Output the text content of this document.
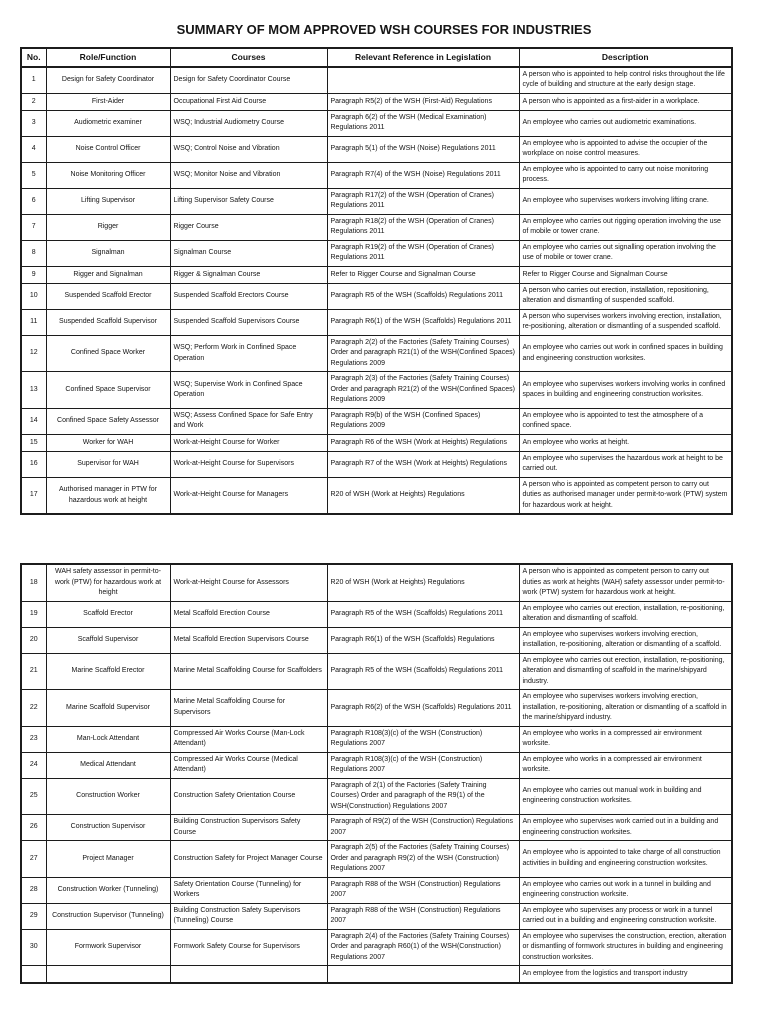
SUMMARY OF MOM APPROVED WSH COURSES FOR INDUSTRIES
No.	Role/Function	Courses	Relevant Reference in Legislation	Description
1	Design for Safety Coordinator	Design for Safety Coordinator Course		A person who is appointed to help control risks throughout the life cycle of building and structure at the early design stage.
2	First-Aider	Occupational First Aid Course	Paragraph R5(2) of the WSH (First-Aid) Regulations	A person who is appointed as a first-aider in a workplace.
3	Audiometric examiner	WSQ; Industrial Audiometry Course	Paragraph 6(2) of the WSH (Medical Examination) Regulations 2011	An employee who carries out audiometric examinations.
4	Noise Control Officer	WSQ; Control Noise and Vibration	Paragraph 5(1) of the WSH (Noise) Regulations 2011	An employee who is appointed to advise the occupier of the workplace on noise control measures.
5	Noise Monitoring Officer	WSQ; Monitor Noise and Vibration	Paragraph R7(4) of the WSH (Noise) Regulations 2011	An employee who is appointed to carry out noise monitoring process.
6	Lifting Supervisor	Lifting Supervisor Safety Course	Paragraph R17(2) of the WSH (Operation of Cranes) Regulations 2011	An employee who supervises workers involving lifting crane.
7	Rigger	Rigger Course	Paragraph R18(2) of the WSH (Operation of Cranes) Regulations 2011	An employee who carries out rigging operation involving the use of mobile or tower crane.
8	Signalman	Signalman Course	Paragraph R19(2) of the WSH (Operation of Cranes) Regulations 2011	An employee who carries out signalling operation involving the use of mobile or tower crane.
9	Rigger and Signalman	Rigger & Signalman Course	Refer to Rigger Course and Signalman Course	Refer to Rigger Course and Signalman Course
10	Suspended Scaffold Erector	Suspended Scaffold Erectors Course	Paragraph R5 of the WSH (Scaffolds) Regulations 2011	A person who carries out erection, installation, repositioning, alteration and dismantling of suspended scaffold.
11	Suspended Scaffold Supervisor	Suspended Scaffold Supervisors Course	Paragraph R6(1) of the WSH (Scaffolds) Regulations 2011	A person who supervises workers involving erection, installation, re-positioning, alteration or dismantling of a suspended scaffold.
12	Confined Space Worker	WSQ; Perform Work in Confined Space Operation	Paragraph 2(2) of the Factories (Safety Training Courses) Order and paragraph R21(1) of the WSH(Confined Spaces) Regulations 2009	An employee who carries out work in confined spaces in building and engineering construction worksites.
13	Confined Space Supervisor	WSQ; Supervise Work in Confined Space Operation	Paragraph 2(3) of the Factories (Safety Training Courses) Order and paragraph R21(2) of the WSH(Confined Spaces) Regulations 2009	An employee who supervises workers involving works in confined spaces in building and engineering construction worksites.
14	Confined Space Safety Assessor	WSQ; Assess Confined Space for Safe Entry and Work	Paragraph R9(b) of the WSH (Confined Spaces) Regulations 2009	An employee who is appointed to test the atmosphere of a confined space.
15	Worker for WAH	Work-at-Height Course for Worker	Paragraph R6 of the WSH (Work at Heights) Regulations	An employee who works at height.
16	Supervisor for WAH	Work-at-Height Course for Supervisors	Paragraph R7 of the WSH (Work at Heights) Regulations	An employee who supervises the hazardous work at height to be carried out.
17	Authorised manager in PTW for hazardous work at height	Work-at-Height Course for Managers	R20 of WSH (Work at Heights) Regulations	A person who is appointed as competent person to carry out duties as authorised manager under permit-to-work (PTW) system for hazardous work at height.
18	WAH safety assessor in permit-to-work (PTW) for hazardous work at height	Work-at-Height Course for Assessors	R20 of WSH (Work at Heights) Regulations	A person who is appointed as competent person to carry out duties as work at heights (WAH) safety assessor under permit-to-work (PTW) system for hazardous work at height.
19	Scaffold Erector	Metal Scaffold Erection Course	Paragraph R5 of the WSH (Scaffolds) Regulations 2011	An employee who carries out erection, installation, re-positioning, alteration and dismantling of scaffold.
20	Scaffold Supervisor	Metal Scaffold Erection Supervisors Course	Paragraph R6(1) of the WSH (Scaffolds) Regulations	An employee who supervises workers involving erection, installation, re-positioning, alteration or dismantling of a scaffold.
21	Marine Scaffold Erector	Marine Metal Scaffolding Course for Scaffolders	Paragraph R5 of the WSH (Scaffolds) Regulations 2011	An employee who carries out erection, installation, re-positioning, alteration and dismantling of scaffold in the marine/shipyard industry.
22	Marine Scaffold Supervisor	Marine Metal Scaffolding Course for Supervisors	Paragraph R6(2) of the WSH (Scaffolds) Regulations 2011	An employee who supervises workers involving erection, installation, re-positioning, alteration or dismantling of a scaffold in the marine/shipyard industry.
23	Man-Lock Attendant	Compressed Air Works Course (Man-Lock Attendant)	Paragraph R108(3)(c) of the WSH (Construction) Regulations 2007	An employee who works in a compressed air environment worksite.
24	Medical Attendant	Compressed Air Works Course (Medical Attendant)	Paragraph R108(3)(c) of the WSH (Construction) Regulations 2007	An employee who works in a compressed air environment worksite.
25	Construction Worker	Construction Safety Orientation Course	Paragraph of 2(1) of the Factories (Safety Training Courses) Order and paragraph of the R9(1) of the WSH(Construction) Regulations 2007	An employee who carries out manual work in building and engineering construction worksites.
26	Construction Supervisor	Building Construction Supervisors Safety Course	Paragraph of R9(2) of the WSH (Construction) Regulations 2007	An employee who supervises work carried out in a building and engineering construction worksites.
27	Project Manager	Construction Safety for Project Manager Course	Paragraph 2(5) of the Factories (Safety Training Courses) Order and paragraph R9(2) of the WSH (Construction) Regulations 2007	An employee who is appointed to take charge of all construction activities in building and engineering construction worksites.
28	Construction Worker (Tunneling)	Safety Orientation Course (Tunneling) for Workers	Paragraph R88 of the WSH (Construction) Regulations 2007	An employee who carries out work in a tunnel in building and engineering construction worksite.
29	Construction Supervisor (Tunneling)	Building Construction Safety Supervisors (Tunneling) Course	Paragraph R88 of the WSH (Construction) Regulations 2007	An employee who supervises any process or work in a tunnel carried out in a building and engineering construction worksite.
30	Formwork Supervisor	Formwork Safety Course for Supervisors	Paragraph 2(4) of the Factories (Safety Training Courses) Order and paragraph R60(1) of the WSH(Construction) Regulations 2007	An employee who supervises the construction, erection, alteration or dismantling of formwork structures in building and engineering construction worksites.
				An employee from the logistics and transport industry
